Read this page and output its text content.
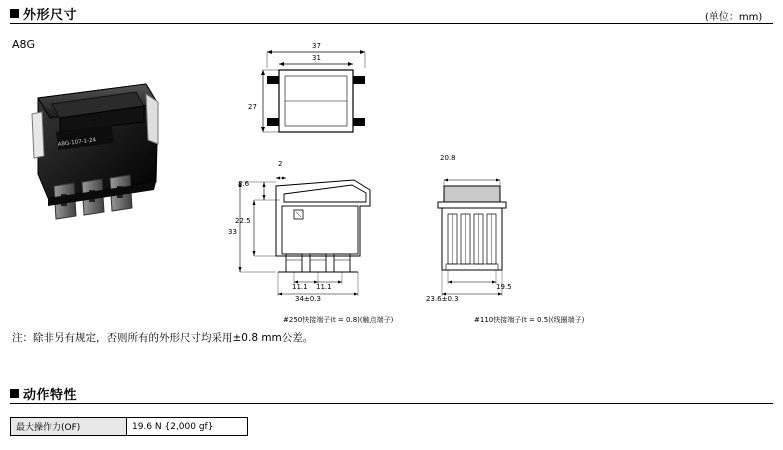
外形尺寸	(单位：mm)
A8G
A8G-107-1-24
37
31
27
2
8.6
22.5
33
11.1 11.1
34±0.3
#250快接端子(t = 0.8)(触点端子)
20.8
19.5
23.6±0.3
#110快接端子(t = 0.5)(线圈端子)
注：除非另有规定，否则所有的外形尺寸均采用±0.8 mm公差。
动作特性
最大操作力(OF)	19.6 N {2,000 gf}
